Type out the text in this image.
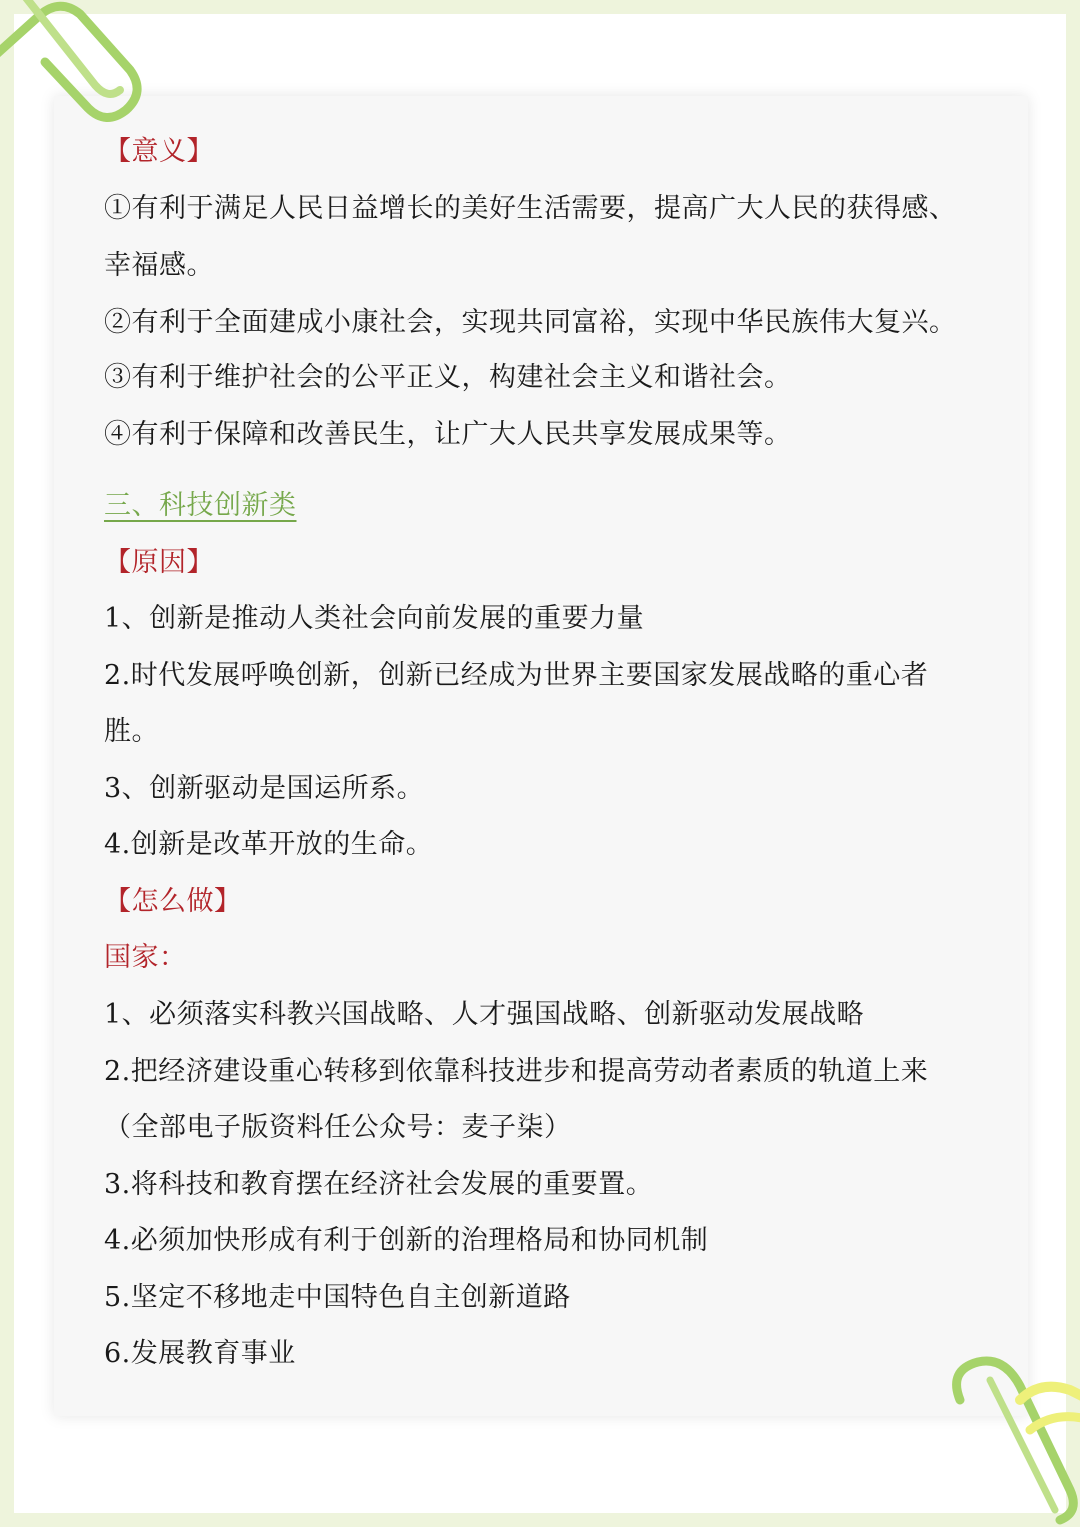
【意义】
①有利于满足人民日益增长的美好生活需要，提高广大人民的获得感、
幸福感。
②有利于全面建成小康社会，实现共同富裕，实现中华民族伟大复兴。
③有利于维护社会的公平正义，构建社会主义和谐社会。
④有利于保障和改善民生，让广大人民共享发展成果等。
三、科技创新类
【原因】
1、创新是推动人类社会向前发展的重要力量
2.时代发展呼唤创新，创新已经成为世界主要国家发展战略的重心者
胜。
3、创新驱动是国运所系。
4.创新是改革开放的生命。
【怎么做】
国家：
1、必须落实科教兴国战略、人才强国战略、创新驱动发展战略
2.把经济建设重心转移到依靠科技进步和提高劳动者素质的轨道上来
（全部电子版资料任公众号：麦子柒）
3.将科技和教育摆在经济社会发展的重要置。
4.必须加快形成有利于创新的治理格局和协同机制
5.坚定不移地走中国特色自主创新道路
6.发展教育事业
